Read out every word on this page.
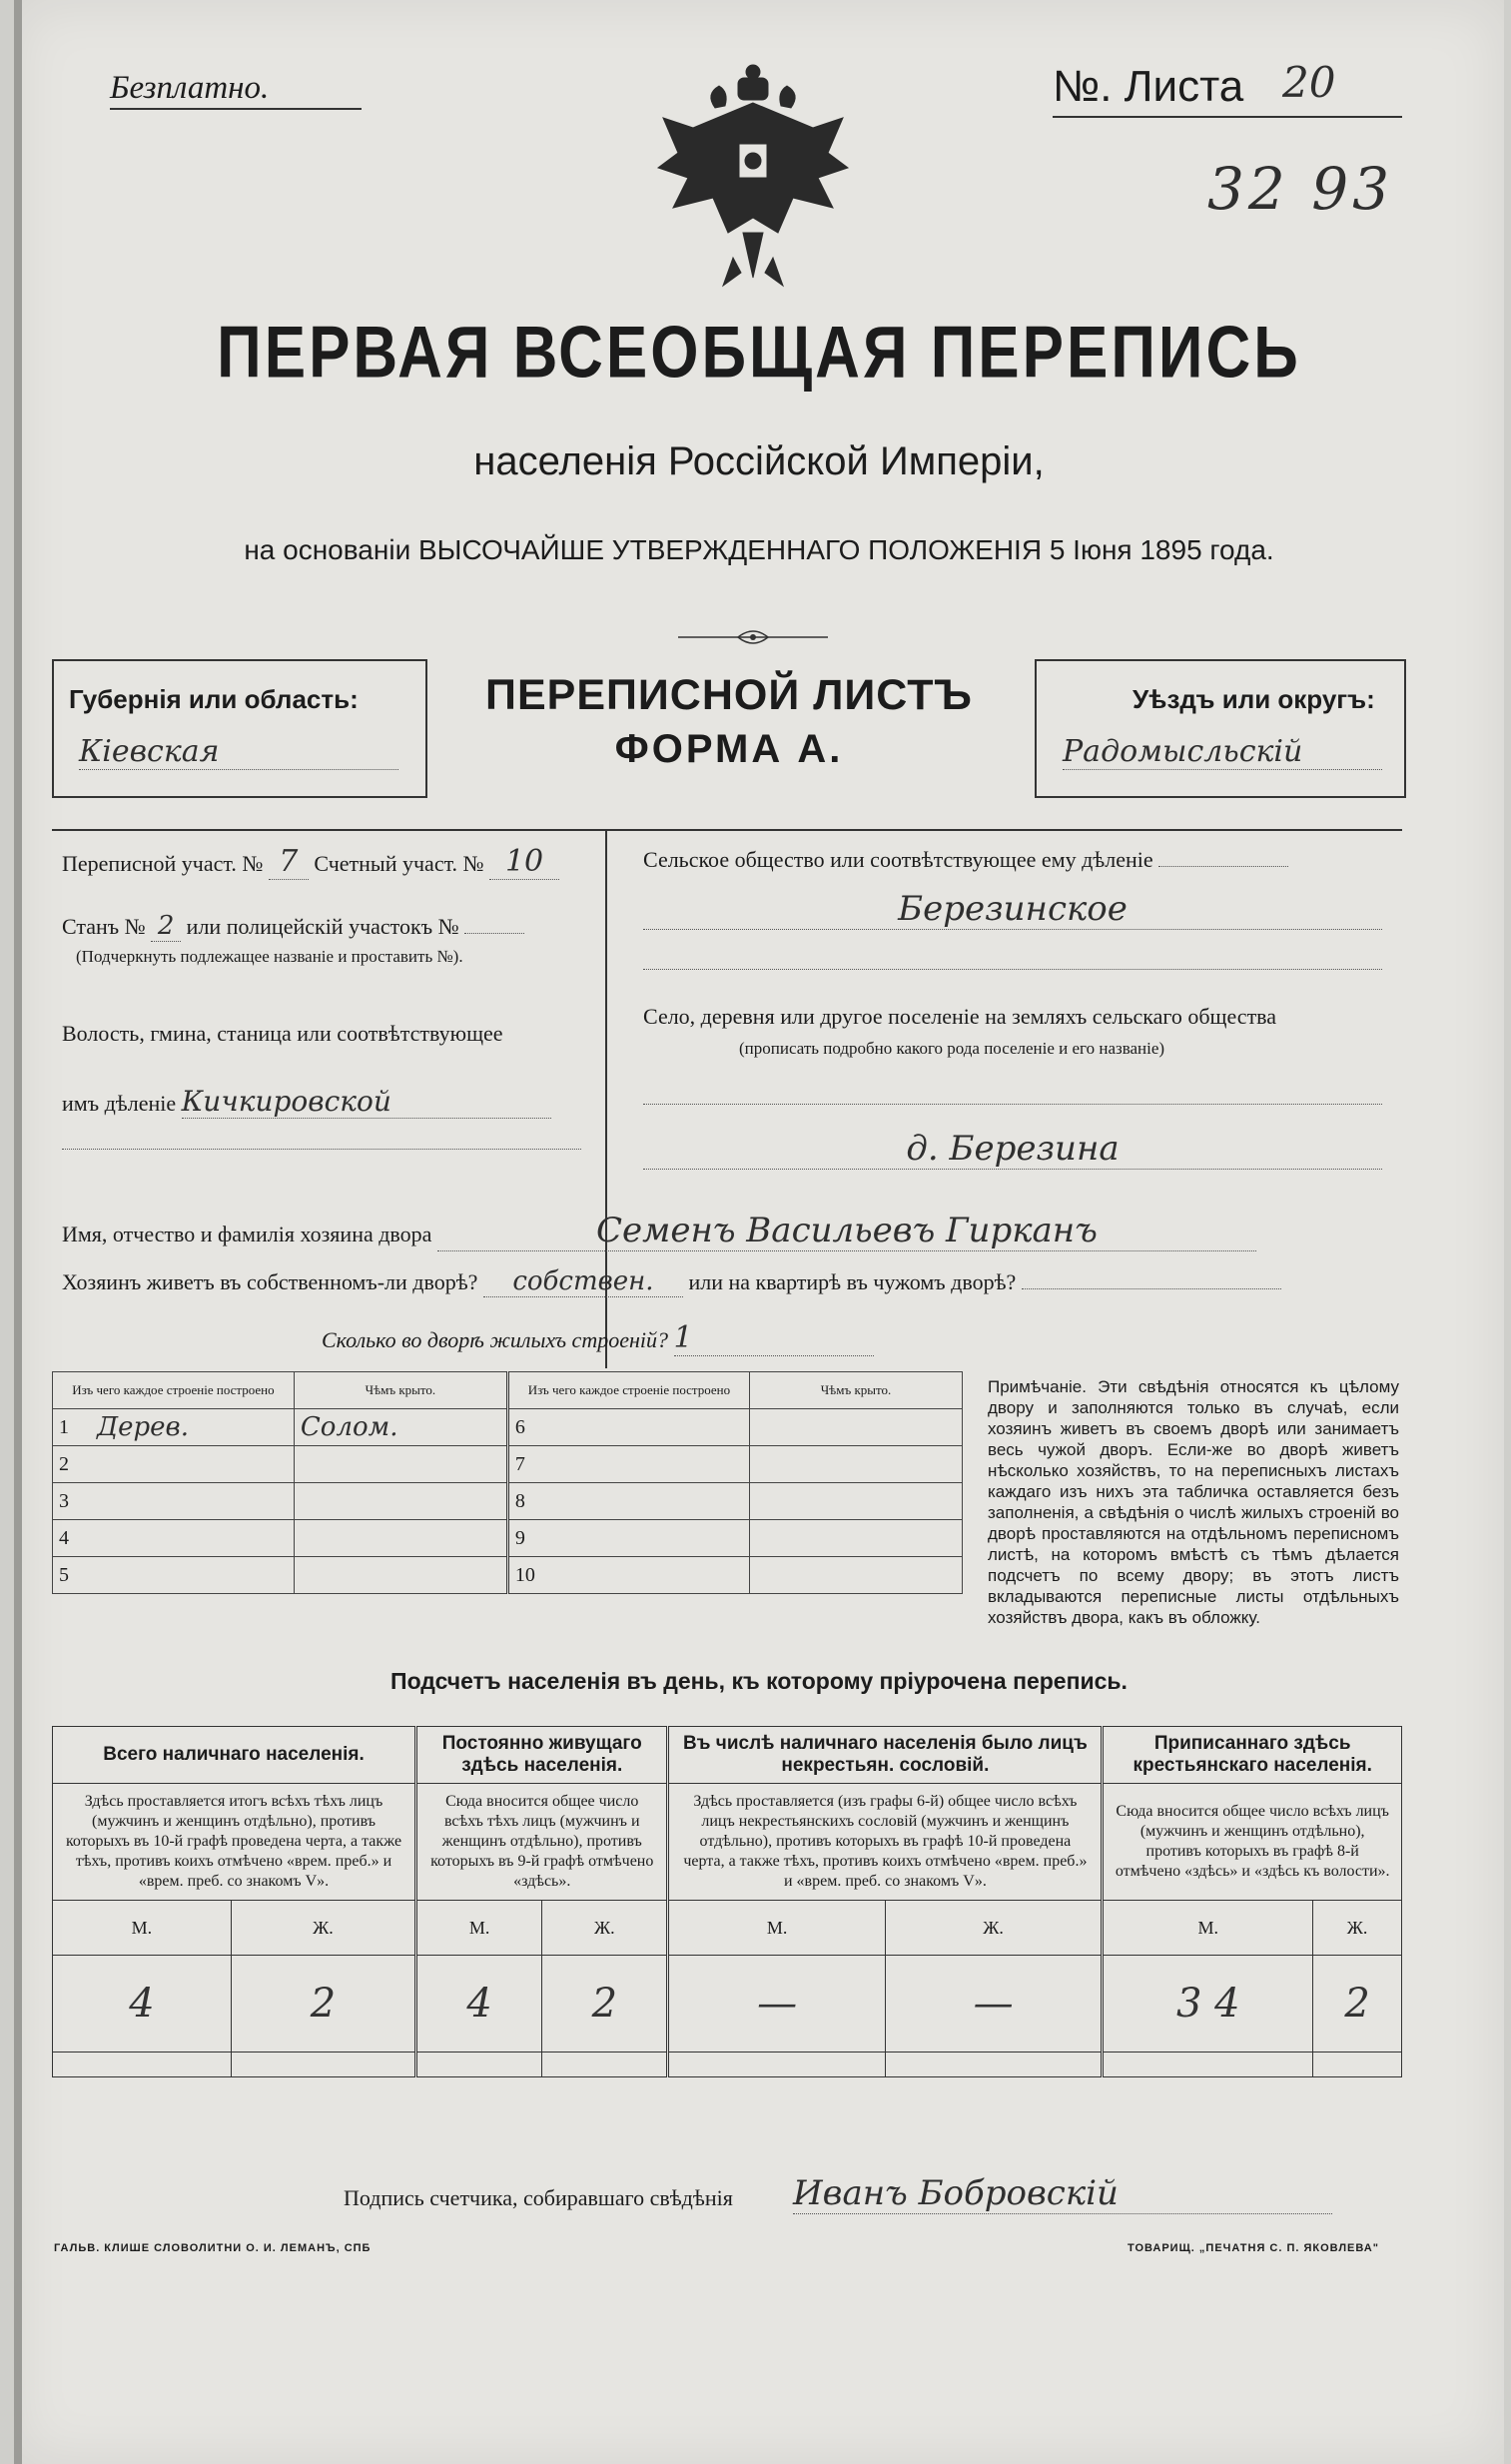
Безплатно.	№. Листа 20
32 93
ПЕРВАЯ ВСЕОБЩАЯ ПЕРЕПИСЬ
населенія Россійской Имперіи,
на основаніи ВЫСОЧАЙШЕ УТВЕРЖДЕННАГО ПОЛОЖЕНІЯ 5 Іюня 1895 года.
Губернія или область:
Кіевская
Уѣздъ или округъ:
Радомысльскій
ПЕРЕПИСНОЙ ЛИСТЪ
ФОРМА А.
Переписной участ. № 7 Счетный участ. № 10
Станъ № 2 или полицейскій участокъ №
(Подчеркнуть подлежащее названіе и проставить №).
Волость, гмина, станица или соотвѣтствующее
имъ дѣленіе Кичкировской
Сельское общество или соотвѣтствующее ему дѣленіе
Березинское
Село, деревня или другое поселеніе на земляхъ сельскаго общества
(прописать подробно какого рода поселеніе и его названіе)
д. Березина
Имя, отчество и фамилія хозяина двора	Семенъ Васильевъ Гирканъ
Хозяинъ живетъ въ собственномъ-ли дворѣ? собствен. или на квартирѣ въ чужомъ дворѣ?
Сколько во дворѣ жилыхъ строеній? 1
Изъ чего каждое строеніе построено		Чѣмъ крыто.	Изъ чего каждое строеніе построено		Чѣмъ крыто.
1	Дерев.	Солом.	6		
2			7		
3			8		
4			9		
5			10		
Примѣчаніе. Эти свѣдѣнія относятся къ цѣлому двору и заполняются только въ случаѣ, если хозяинъ живетъ въ своемъ дворѣ или занимаетъ весь чужой дворъ. Если-же во дворѣ живетъ нѣсколько хозяйствъ, то на переписныхъ листахъ каждаго изъ нихъ эта табличка оставляется безъ заполненія, а свѣдѣнія о числѣ жилыхъ строеній во дворѣ проставляются на отдѣльномъ переписномъ листѣ, на которомъ вмѣстѣ съ тѣмъ дѣлается подсчетъ по всему двору; въ этотъ листъ вкладываются переписные листы отдѣльныхъ хозяйствъ двора, какъ въ обложку.
Подсчетъ населенія въ день, къ которому пріурочена перепись.
Всего наличнаго населенія.		Постоянно живущаго здѣсь населенія.		Въ числѣ наличнаго населенія было лицъ некрестьян. сословій.		Приписаннаго здѣсь крестьянскаго населенія.	
Здѣсь проставляется итогъ всѣхъ тѣхъ лицъ (мужчинъ и женщинъ отдѣльно), противъ которыхъ въ 10-й графѣ проведена черта, а также тѣхъ, противъ коихъ отмѣчено «врем. преб.» и «врем. преб. со знакомъ V».		Сюда вносится общее число всѣхъ тѣхъ лицъ (мужчинъ и женщинъ отдѣльно), противъ которыхъ въ 9-й графѣ отмѣчено «здѣсь».		Здѣсь проставляется (изъ графы 6-й) общее число всѣхъ лицъ некрестьянскихъ сословій (мужчинъ и женщинъ отдѣльно), противъ которыхъ въ графѣ 10-й проведена черта, а также тѣхъ, противъ коихъ отмѣчено «врем. преб.» и «врем. преб. со знакомъ V».		Сюда вносится общее число всѣхъ лицъ (мужчинъ и женщинъ отдѣльно), противъ которыхъ въ графѣ 8-й отмѣчено «здѣсь» и «здѣсь къ волости».	
М.	Ж.	М.	Ж.	М.	Ж.	М.	Ж.
4	2	4	2	—	—	3 4	2

Подпись счетчика, собиравшаго свѣдѣнія Иванъ Бобровскій
ГАЛЬВ. КЛИШЕ СЛОВОЛИТНИ О. И. ЛЕМАНЪ, СПБ	ТОВАРИЩ. „ПЕЧАТНЯ С. П. ЯКОВЛЕВА"
